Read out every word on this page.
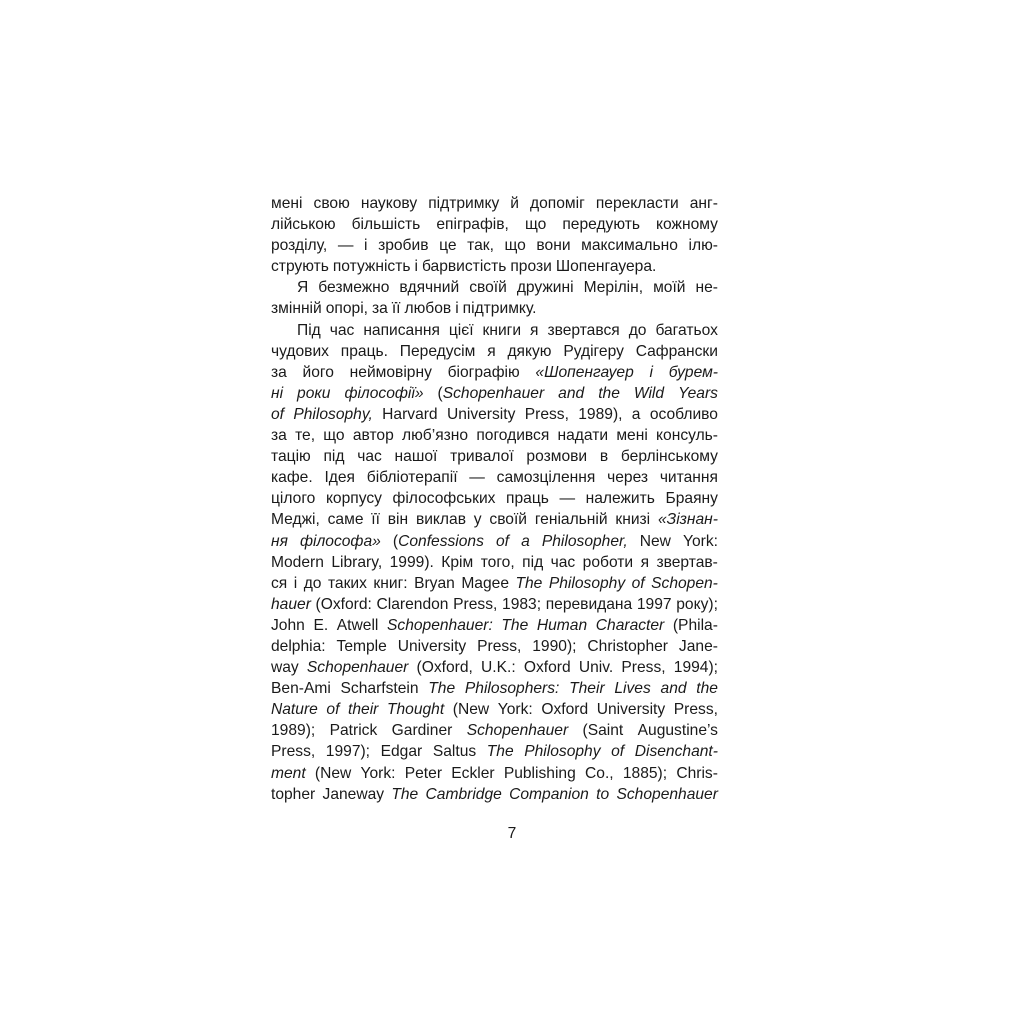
мені свою наукову підтримку й допоміг перекласти анг-
лійською більшість епіграфів, що передують кожному
розділу, — і зробив це так, що вони максимально ілю-
струють потужність і барвистість прози Шопенгауера.
Я безмежно вдячний своїй дружині Мерілін, моїй не-
змінній опорі, за її любов і підтримку.
Під час написання цієї книги я звертався до багатьох
чудових праць. Передусім я дякую Рудігеру Сафрански
за його неймовірну біографію «Шопенгауер і бурем-
ні роки філософії» (Schopenhauer and the Wild Years
of Philosophy, Harvard University Press, 1989), а особливо
за те, що автор люб’язно погодився надати мені консуль-
тацію під час нашої тривалої розмови в берлінському
кафе. Ідея бібліотерапії — самозцілення через читання
цілого корпусу філософських праць — належить Браяну
Меджі, саме її він виклав у своїй геніальній книзі «Зізнан-
ня філософа» (Confessions of a Philosopher, New York:
Modern Library, 1999). Крім того, під час роботи я звертав-
ся і до таких книг: Bryan Magee The Philosophy of Schopen-
hauer (Oxford: Clarendon Press, 1983; перевидана 1997 року);
John E. Atwell Schopenhauer: The Human Character (Phila-
delphia: Temple University Press, 1990); Christopher Jane-
way Schopenhauer (Oxford, U.K.: Oxford Univ. Press, 1994);
Ben-Ami Scharfstein The Philosophers: Their Lives and the
Nature of their Thought (New York: Oxford University Press,
1989); Patrick Gardiner Schopenhauer (Saint Augustine’s
Press, 1997); Edgar Saltus The Philosophy of Disenchant-
ment (New York: Peter Eckler Publishing Co., 1885); Chris-
topher Janeway The Cambridge Companion to Schopenhauer
7
